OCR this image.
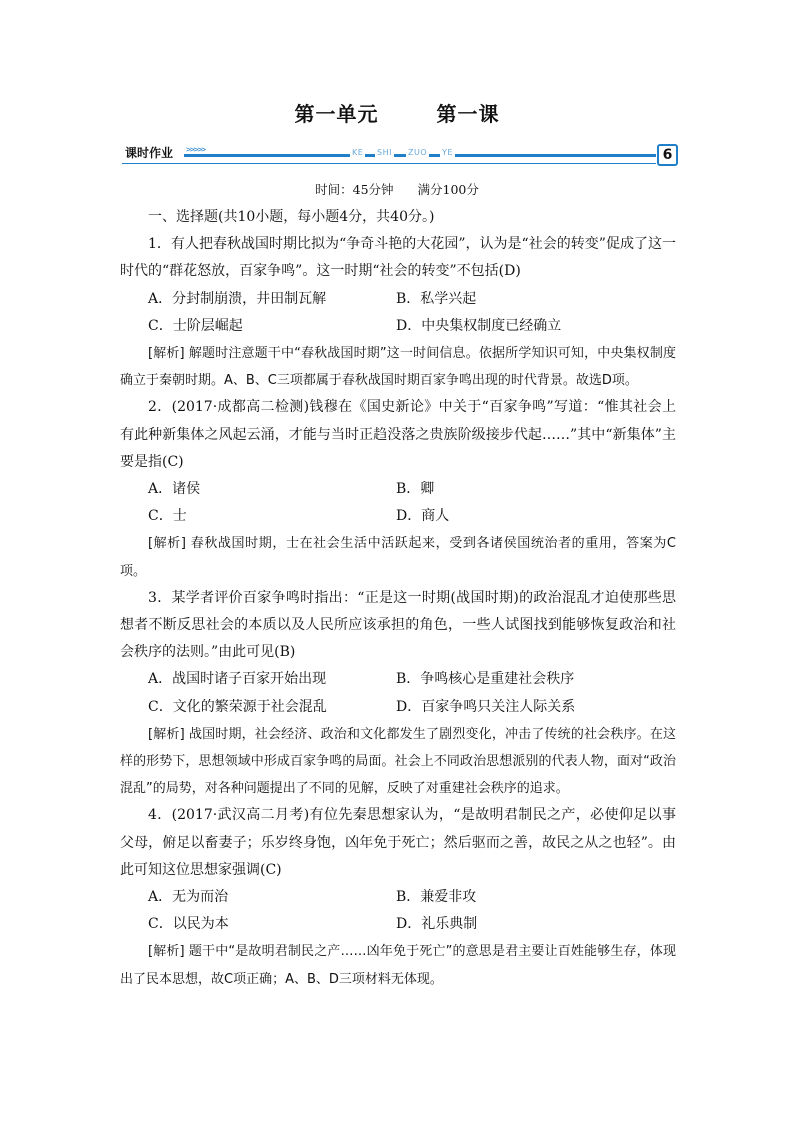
第一单元	第一课
课时作业	>>>>>	KE SHI ZUO YE	6
时间：45分钟 满分100分

一、选择题(共10小题，每小题4分，共40分。)

1．有人把春秋战国时期比拟为“争奇斗艳的大花园”，认为是“社会的转变”促成了这一时代的“群花怒放，百家争鸣”。这一时期“社会的转变”不包括(D)

A．分封制崩溃，井田制瓦解	B．私学兴起
C．士阶层崛起	D．中央集权制度已经确立

[解析] 解题时注意题干中“春秋战国时期”这一时间信息。依据所学知识可知，中央集权制度确立于秦朝时期。A、B、C三项都属于春秋战国时期百家争鸣出现的时代背景。故选D项。

2．(2017·成都高二检测)钱穆在《国史新论》中关于“百家争鸣”写道：“惟其社会上有此种新集体之风起云涌，才能与当时正趋没落之贵族阶级接步代起……”其中“新集体”主要是指(C)

A．诸侯	B．卿
C．士	D．商人

[解析] 春秋战国时期，士在社会生活中活跃起来，受到各诸侯国统治者的重用，答案为C项。

3．某学者评价百家争鸣时指出：“正是这一时期(战国时期)的政治混乱才迫使那些思想者不断反思社会的本质以及人民所应该承担的角色，一些人试图找到能够恢复政治和社会秩序的法则。”由此可见(B)

A．战国时诸子百家开始出现	B．争鸣核心是重建社会秩序
C．文化的繁荣源于社会混乱	D．百家争鸣只关注人际关系

[解析] 战国时期，社会经济、政治和文化都发生了剧烈变化，冲击了传统的社会秩序。在这样的形势下，思想领域中形成百家争鸣的局面。社会上不同政治思想派别的代表人物，面对“政治混乱”的局势，对各种问题提出了不同的见解，反映了对重建社会秩序的追求。

4．(2017·武汉高二月考)有位先秦思想家认为，“是故明君制民之产，必使仰足以事父母，俯足以畜妻子；乐岁终身饱，凶年免于死亡；然后驱而之善，故民之从之也轻”。由此可知这位思想家强调(C)

A．无为而治	B．兼爱非攻
C．以民为本	D．礼乐典制

[解析] 题干中“是故明君制民之产……凶年免于死亡”的意思是君主要让百姓能够生存，体现出了民本思想，故C项正确；A、B、D三项材料无体现。
